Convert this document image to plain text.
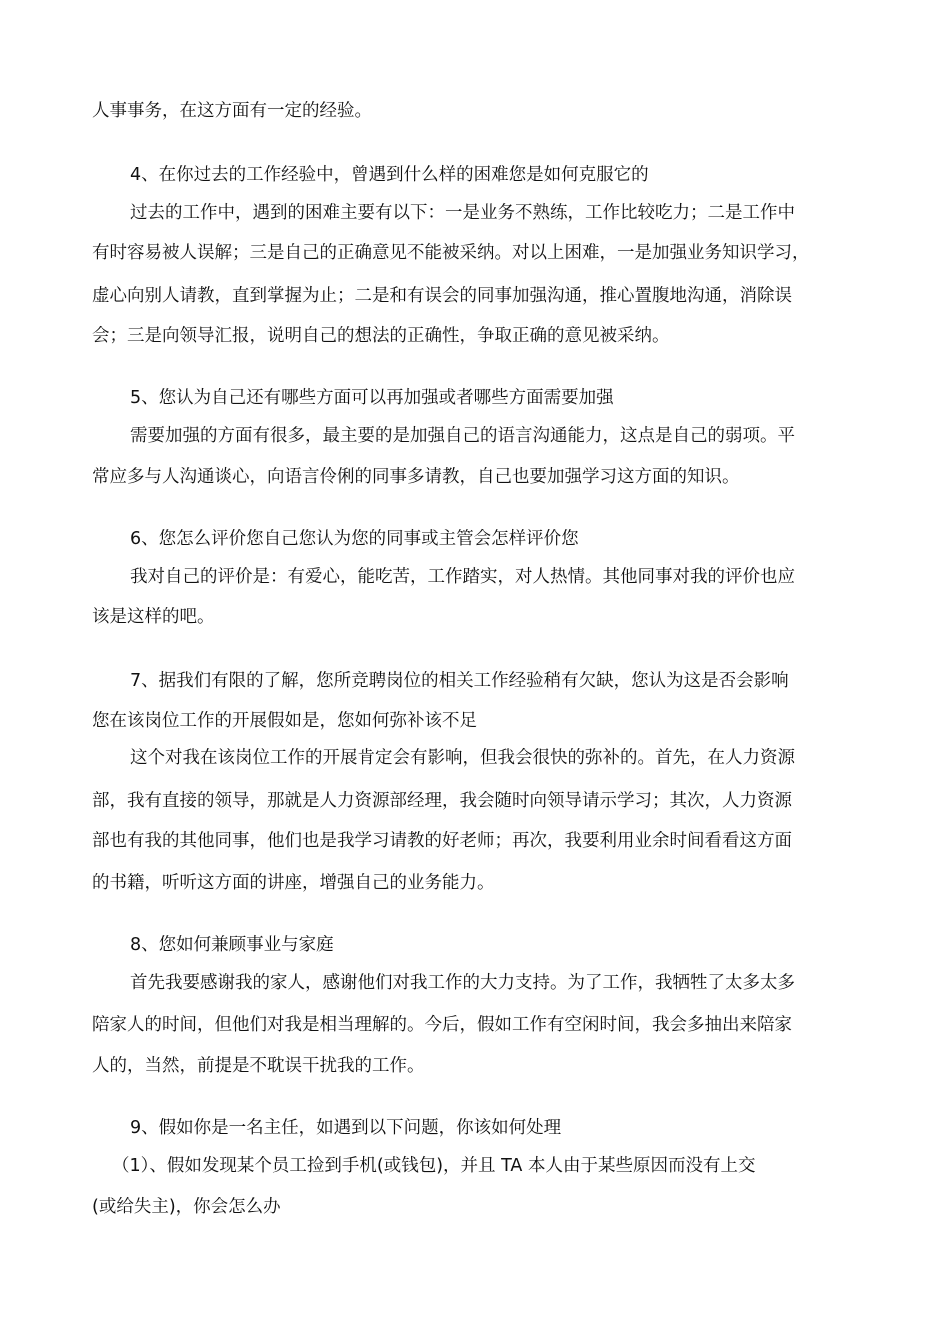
人事事务，在这方面有一定的经验。

4、在你过去的工作经验中，曾遇到什么样的困难您是如何克服它的

过去的工作中，遇到的困难主要有以下：一是业务不熟练，工作比较吃力；二是工作中

有时容易被人误解；三是自己的正确意见不能被采纳。对以上困难，一是加强业务知识学习，

虚心向别人请教，直到掌握为止；二是和有误会的同事加强沟通，推心置腹地沟通，消除误

会；三是向领导汇报，说明自己的想法的正确性，争取正确的意见被采纳。

5、您认为自己还有哪些方面可以再加强或者哪些方面需要加强

需要加强的方面有很多，最主要的是加强自己的语言沟通能力，这点是自己的弱项。平

常应多与人沟通谈心，向语言伶俐的同事多请教，自己也要加强学习这方面的知识。

6、您怎么评价您自己您认为您的同事或主管会怎样评价您

我对自己的评价是：有爱心，能吃苦，工作踏实，对人热情。其他同事对我的评价也应

该是这样的吧。

7、据我们有限的了解，您所竞聘岗位的相关工作经验稍有欠缺，您认为这是否会影响

您在该岗位工作的开展假如是，您如何弥补该不足

这个对我在该岗位工作的开展肯定会有影响，但我会很快的弥补的。首先，在人力资源

部，我有直接的领导，那就是人力资源部经理，我会随时向领导请示学习；其次，人力资源

部也有我的其他同事，他们也是我学习请教的好老师；再次，我要利用业余时间看看这方面

的书籍，听听这方面的讲座，增强自己的业务能力。

8、您如何兼顾事业与家庭

首先我要感谢我的家人，感谢他们对我工作的大力支持。为了工作，我牺牲了太多太多

陪家人的时间，但他们对我是相当理解的。今后，假如工作有空闲时间，我会多抽出来陪家

人的，当然，前提是不耽误干扰我的工作。

9、假如你是一名主任，如遇到以下问题，你该如何处理

（1）、假如发现某个员工捡到手机(或钱包)，并且 TA 本人由于某些原因而没有上交

(或给失主)，你会怎么办
